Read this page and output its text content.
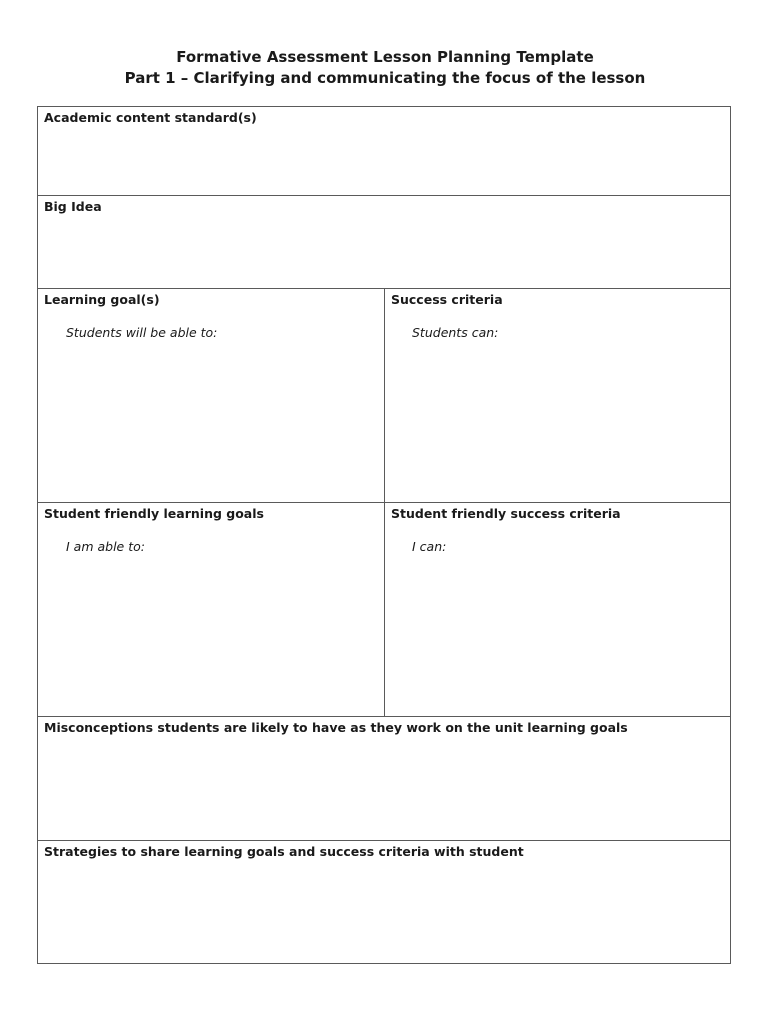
Formative Assessment Lesson Planning Template
Part 1 – Clarifying and communicating the focus of the lesson
Academic content standard(s)
Big Idea
Learning goal(s)
Students will be able to:
Success criteria
Students can:
Student friendly learning goals
I am able to:
Student friendly success criteria
I can:
Misconceptions students are likely to have as they work on the unit learning goals
Strategies to share learning goals and success criteria with student
